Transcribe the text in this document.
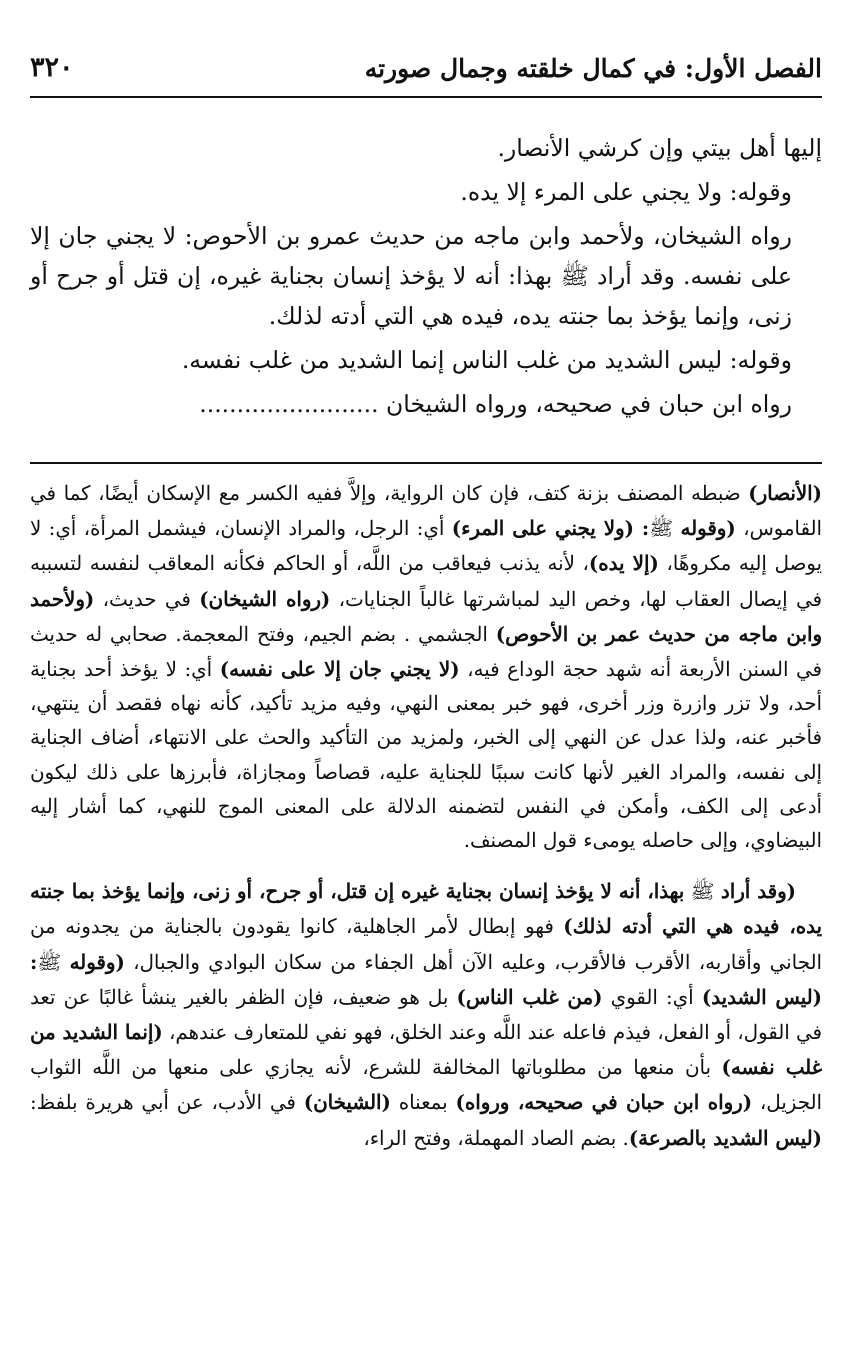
الفصل الأول: في كمال خلقته وجمال صورته
٣٢٠

إليها أهل بيتي وإن كرشي الأنصار.

وقوله: ولا يجني على المرء إلا يده.

رواه الشيخان، ولأحمد وابن ماجه من حديث عمرو بن الأحوص: لا يجني جان إلا على نفسه. وقد أراد ﷺ بهذا: أنه لا يؤخذ إنسان بجناية غيره، إن قتل أو جرح أو زنى، وإنما يؤخذ بما جنته يده، فيده هي التي أدته لذلك.

وقوله: ليس الشديد من غلب الناس إنما الشديد من غلب نفسه.

رواه ابن حبان في صحيحه، ورواه الشيخان ........................

(الأنصار) ضبطه المصنف بزنة كتف، فإن كان الرواية، وإلاَّ ففيه الكسر مع الإسكان أيضًا، كما في القاموس، (وقوله ﷺ: (ولا يجني على المرء) أي: الرجل، والمراد الإنسان، فيشمل المرأة، أي: لا يوصل إليه مكروهًا، (إلا يده)، لأنه يذنب فيعاقب من اللَّه، أو الحاكم فكأنه المعاقب لنفسه لتسببه في إيصال العقاب لها، وخص اليد لمباشرتها غالباً الجنايات، (رواه الشيخان) في حديث، (ولأحمد وابن ماجه من حديث عمر بن الأحوص) الجشمي . بضم الجيم، وفتح المعجمة. صحابي له حديث في السنن الأربعة أنه شهد حجة الوداع فيه، (لا يجني جان إلا على نفسه) أي: لا يؤخذ أحد بجناية أحد، ولا تزر وازرة وزر أخرى، فهو خبر بمعنى النهي، وفيه مزيد تأكيد، كأنه نهاه فقصد أن ينتهي، فأخبر عنه، ولذا عدل عن النهي إلى الخبر، ولمزيد من التأكيد والحث على الانتهاء، أضاف الجناية إلى نفسه، والمراد الغير لأنها كانت سببًا للجناية عليه، قصاصاً ومجازاة، فأبرزها على ذلك ليكون أدعى إلى الكف، وأمكن في النفس لتضمنه الدلالة على المعنى الموج للنهي، كما أشار إليه البيضاوي، وإلى حاصله يومىء قول المصنف.

(وقد أراد ﷺ بهذا، أنه لا يؤخذ إنسان بجناية غيره إن قتل، أو جرح، أو زنى، وإنما يؤخذ بما جنته يده، فيده هي التي أدته لذلك) فهو إبطال لأمر الجاهلية، كانوا يقودون بالجناية من يجدونه من الجاني وأقاربه، الأقرب فالأقرب، وعليه الآن أهل الجفاء من سكان البوادي والجبال، (وقوله ﷺ: (ليس الشديد) أي: القوي (من غلب الناس) بل هو ضعيف، فإن الظفر بالغير ينشأ غالبًا عن تعد في القول، أو الفعل، فيذم فاعله عند اللَّه وعند الخلق، فهو نفي للمتعارف عندهم، (إنما الشديد من غلب نفسه) بأن منعها من مطلوباتها المخالفة للشرع، لأنه يجازي على منعها من اللَّه الثواب الجزيل، (رواه ابن حبان في صحيحه، ورواه) بمعناه (الشيخان) في الأدب، عن أبي هريرة بلفظ: (ليس الشديد بالصرعة). بضم الصاد المهملة، وفتح الراء،
